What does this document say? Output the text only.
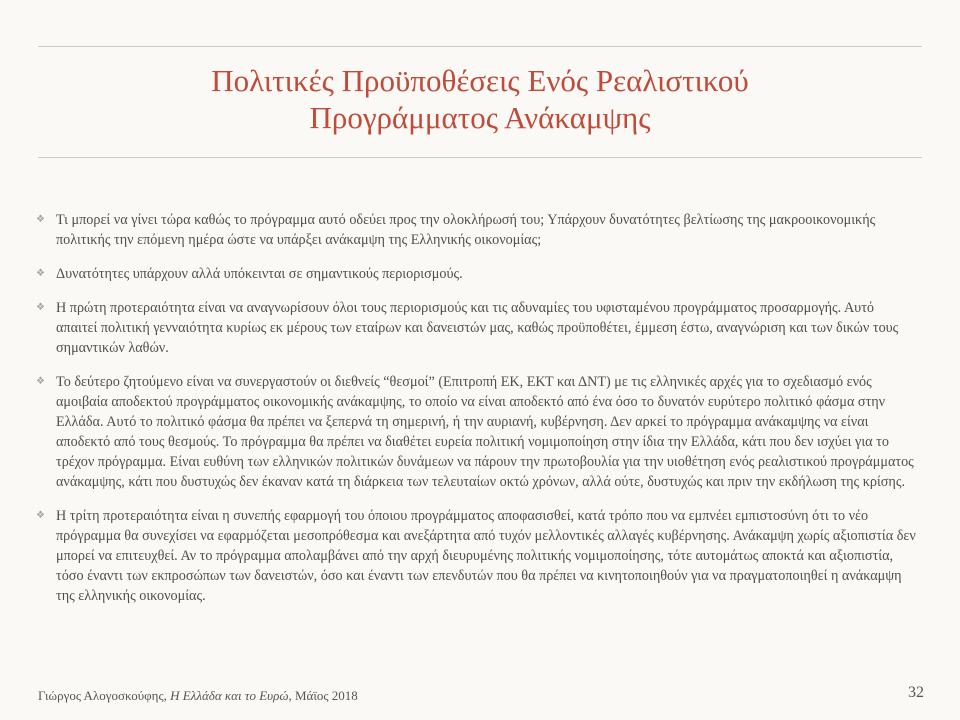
Πολιτικές Προϋποθέσεις Ενός Ρεαλιστικού
Προγράμματος Ανάκαμψης

❖ Τι μπορεί να γίνει τώρα καθώς το πρόγραμμα αυτό οδεύει προς την ολοκλήρωσή του; Υπάρχουν δυνατότητες βελτίωσης της μακροοικονομικής πολιτικής την επόμενη ημέρα ώστε να υπάρξει ανάκαμψη της Ελληνικής οικονομίας;

❖ Δυνατότητες υπάρχουν αλλά υπόκεινται σε σημαντικούς περιορισμούς.

❖ Η πρώτη προτεραιότητα είναι να αναγνωρίσουν όλοι τους περιορισμούς και τις αδυναμίες του υφισταμένου προγράμματος προσαρμογής. Αυτό απαιτεί πολιτική γενναιότητα κυρίως εκ μέρους των εταίρων και δανειστών μας, καθώς προϋποθέτει, έμμεση έστω, αναγνώριση και των δικών τους σημαντικών λαθών.

❖ Το δεύτερο ζητούμενο είναι να συνεργαστούν οι διεθνείς “θεσμοί” (Επιτροπή ΕΚ, ΕΚΤ και ΔΝΤ) με τις ελληνικές αρχές για το σχεδιασμό ενός αμοιβαία αποδεκτού προγράμματος οικονομικής ανάκαμψης, το οποίο να είναι αποδεκτό από ένα όσο το δυνατόν ευρύτερο πολιτικό φάσμα στην Ελλάδα. Αυτό το πολιτικό φάσμα θα πρέπει να ξεπερνά τη σημερινή, ή την αυριανή, κυβέρνηση. Δεν αρκεί το πρόγραμμα ανάκαμψης να είναι αποδεκτό από τους θεσμούς. Το πρόγραμμα θα πρέπει να διαθέτει ευρεία πολιτική νομιμοποίηση στην ίδια την Ελλάδα, κάτι που δεν ισχύει για το τρέχον πρόγραμμα. Είναι ευθύνη των ελληνικών πολιτικών δυνάμεων να πάρουν την πρωτοβουλία για την υιοθέτηση ενός ρεαλιστικού προγράμματος ανάκαμψης, κάτι που δυστυχώς δεν έκαναν κατά τη διάρκεια των τελευταίων οκτώ χρόνων, αλλά ούτε, δυστυχώς και πριν την εκδήλωση της κρίσης.

❖ Η τρίτη προτεραιότητα είναι η συνεπής εφαρμογή του όποιου προγράμματος αποφασισθεί, κατά τρόπο που να εμπνέει εμπιστοσύνη ότι το νέο πρόγραμμα θα συνεχίσει να εφαρμόζεται μεσοπρόθεσμα και ανεξάρτητα από τυχόν μελλοντικές αλλαγές κυβέρνησης. Ανάκαμψη χωρίς αξιοπιστία δεν μπορεί να επιτευχθεί. Αν το πρόγραμμα απολαμβάνει από την αρχή διευρυμένης πολιτικής νομιμοποίησης, τότε αυτομάτως αποκτά και αξιοπιστία, τόσο έναντι των εκπροσώπων των δανειστών, όσο και έναντι των επενδυτών που θα πρέπει να κινητοποιηθούν για να πραγματοποιηθεί η ανάκαμψη της ελληνικής οικονομίας.

Γιώργος Αλογοσκούφης, Η Ελλάδα και το Ευρώ, Μάϊος 2018	32
